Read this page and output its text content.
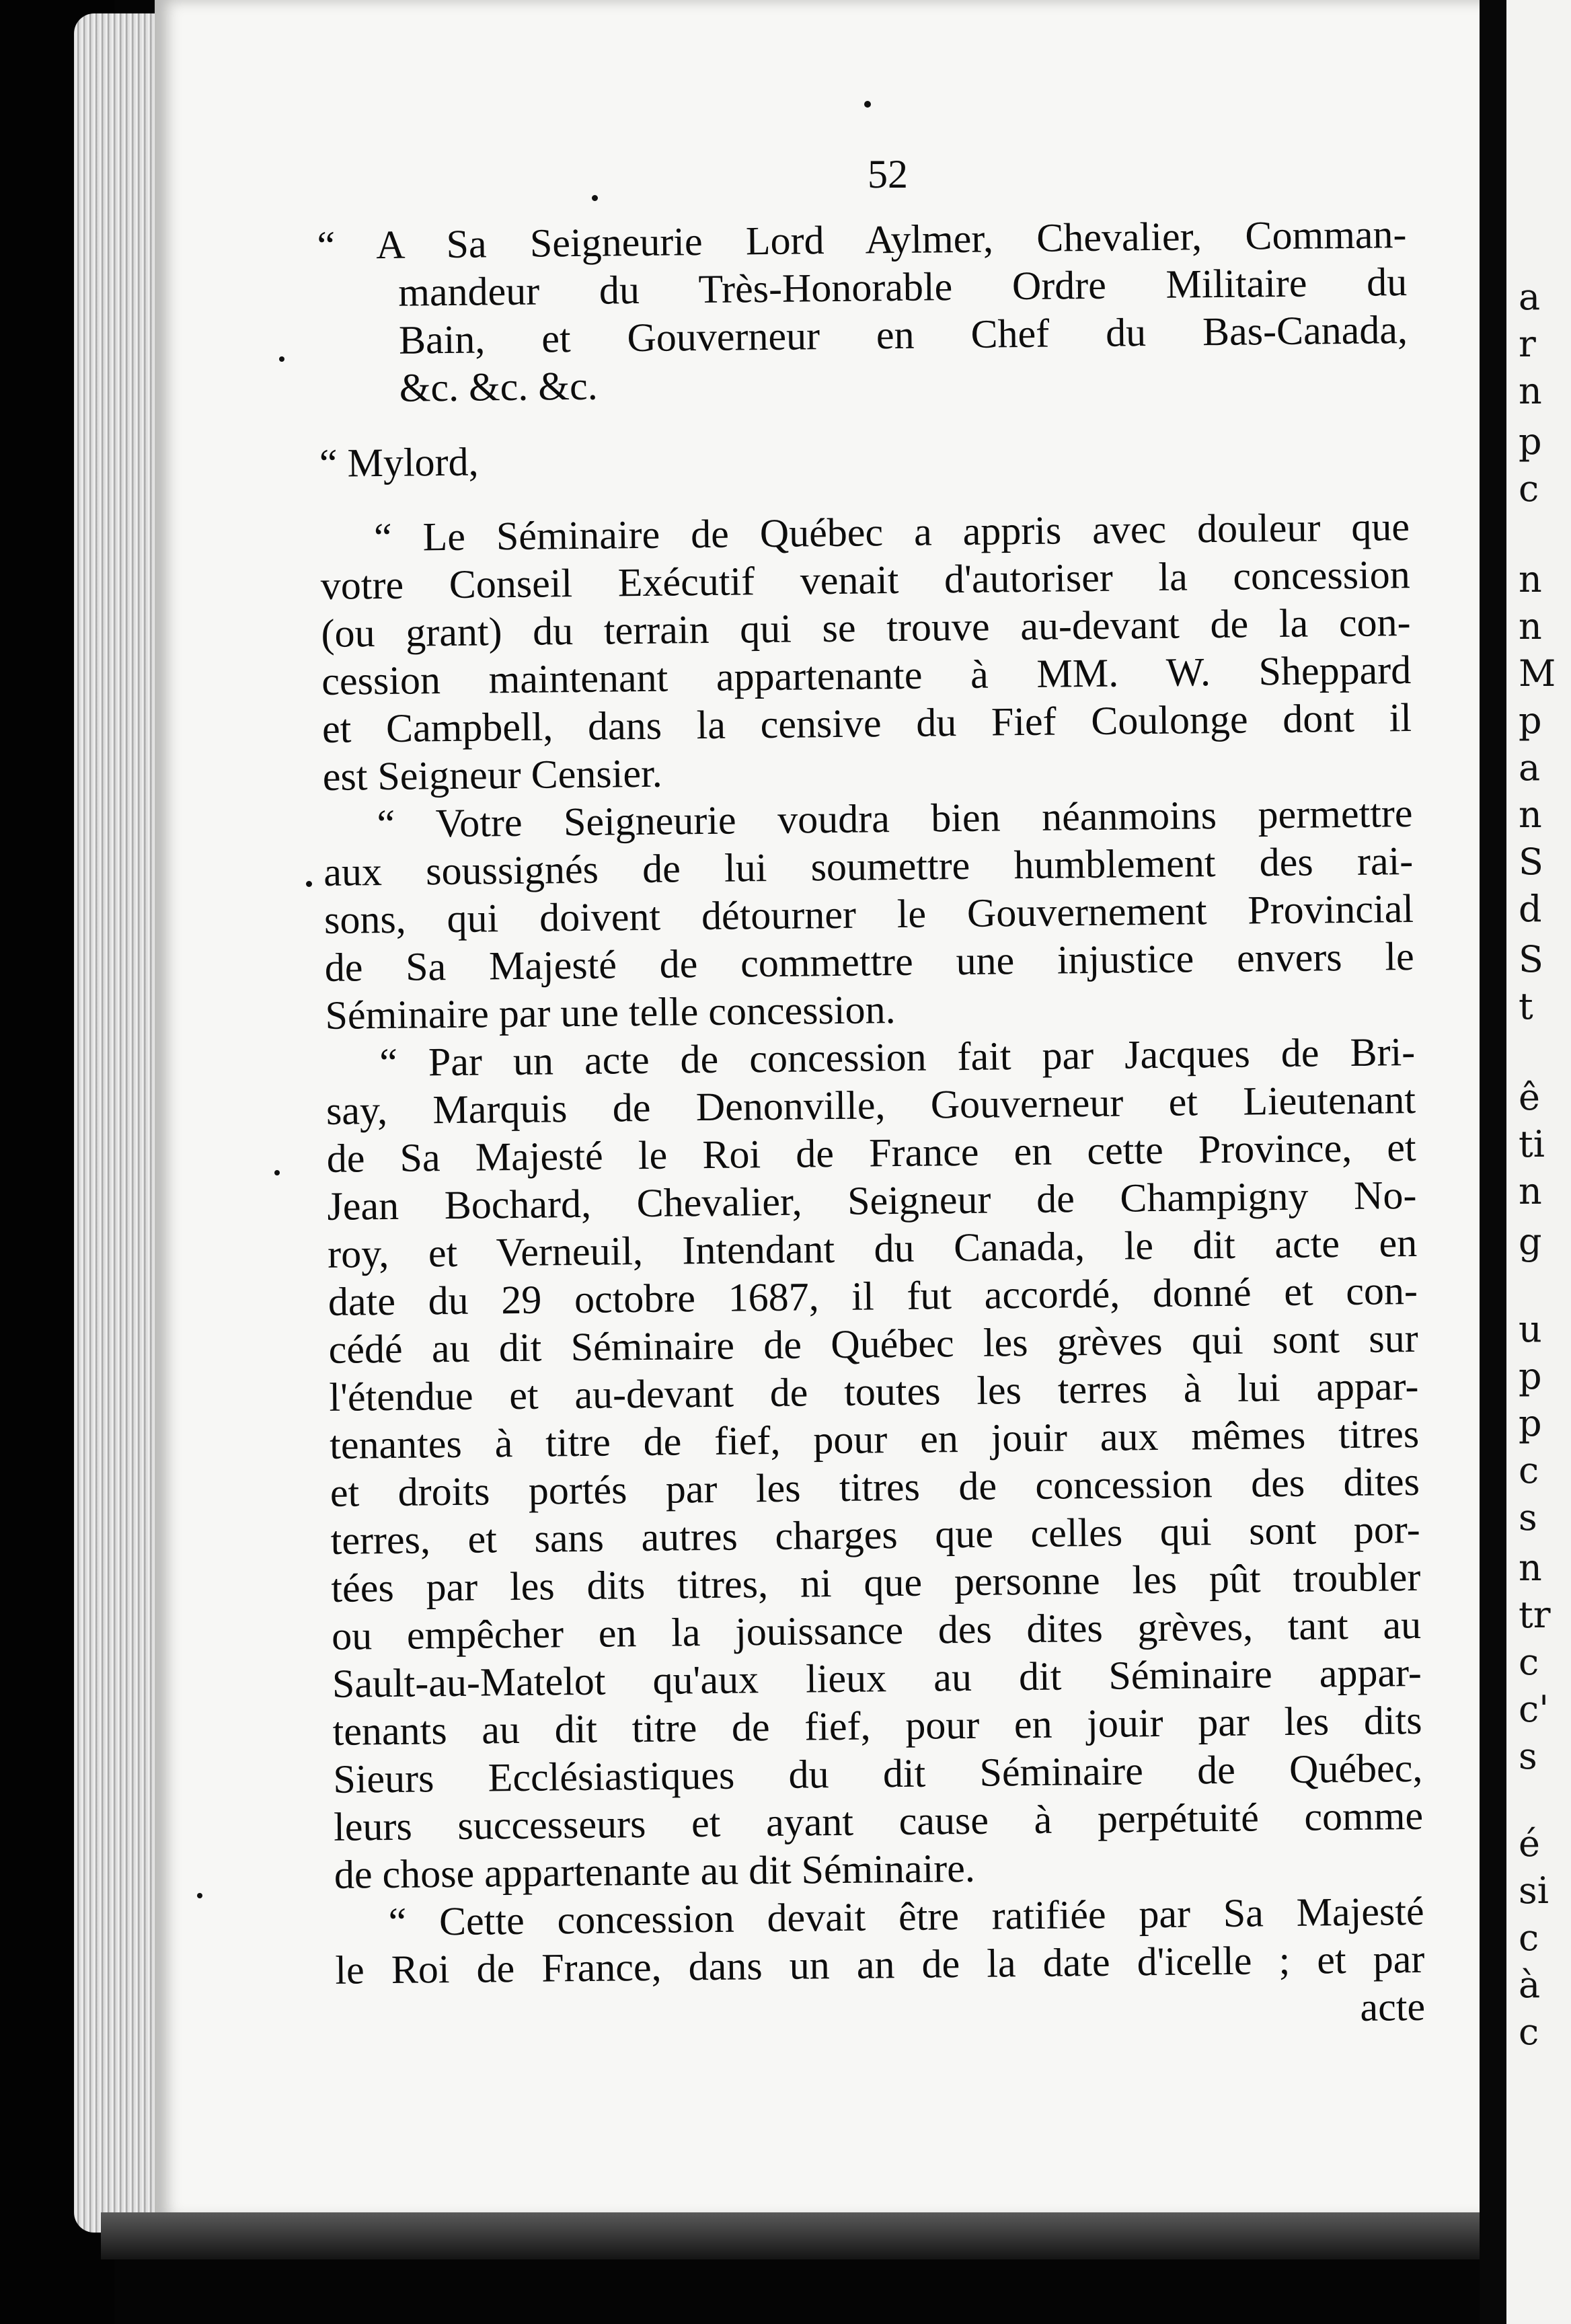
a
r
n
p
c
n
n
M
p
a
n
S
d
S
t
ê
ti
n
g
u
p
p
c
s
n
tr
c
c'
s
é
si
c
à
c
52
“ A Sa Seigneurie Lord Aylmer, Chevalier, Comman-
mandeur du Très-Honorable Ordre Militaire du
Bain, et Gouverneur en Chef du Bas-Canada,
&c. &c. &c.
“ Mylord,
“ Le Séminaire de Québec a appris avec douleur que
votre Conseil Exécutif venait d'autoriser la concession
(ou grant) du terrain qui se trouve au-devant de la con-
cession maintenant appartenante à MM. W. Sheppard
et Campbell, dans la censive du Fief Coulonge dont il
est Seigneur Censier.
“ Votre Seigneurie voudra bien néanmoins permettre
aux soussignés de lui soumettre humblement des rai-
sons, qui doivent détourner le Gouvernement Provincial
de Sa Majesté de commettre une injustice envers le
Séminaire par une telle concession.
“ Par un acte de concession fait par Jacques de Bri-
say, Marquis de Denonville, Gouverneur et Lieutenant
de Sa Majesté le Roi de France en cette Province, et
Jean Bochard, Chevalier, Seigneur de Champigny No-
roy, et Verneuil, Intendant du Canada, le dit acte en
date du 29 octobre 1687, il fut accordé, donné et con-
cédé au dit Séminaire de Québec les grèves qui sont sur
l'étendue et au-devant de toutes les terres à lui appar-
tenantes à titre de fief, pour en jouir aux mêmes titres
et droits portés par les titres de concession des dites
terres, et sans autres charges que celles qui sont por-
tées par les dits titres, ni que personne les pût troubler
ou empêcher en la jouissance des dites grèves, tant au
Sault-au-Matelot qu'aux lieux au dit Séminaire appar-
tenants au dit titre de fief, pour en jouir par les dits
Sieurs Ecclésiastiques du dit Séminaire de Québec,
leurs successeurs et ayant cause à perpétuité comme
de chose appartenante au dit Séminaire.
“ Cette concession devait être ratifiée par Sa Majesté
le Roi de France, dans un an de la date d'icelle ; et par
acte
